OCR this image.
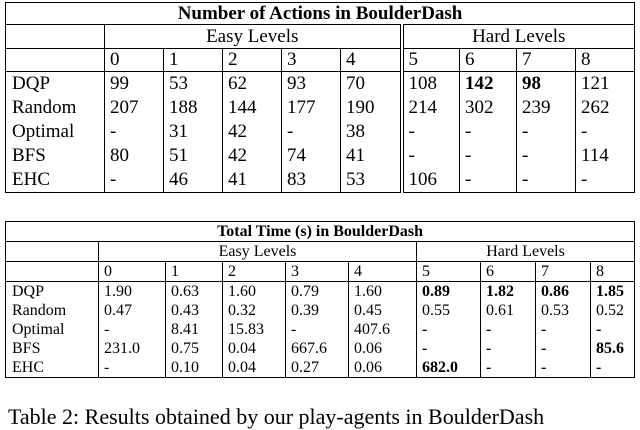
Number of Actions in BoulderDash									
	Easy Levels					Hard Levels			
	0	1	2	3	4	5	6	7	8
DQP	99	53	62	93	70	108	142	98	121
Random	207	188	144	177	190	214	302	239	262
Optimal	-	31	42	-	38	-	-	-	-
BFS	80	51	42	74	41	-	-	-	114
EHC	-	46	41	83	53	106	-	-	-
Total Time (s) in BoulderDash									
	Easy Levels					Hard Levels			
	0	1	2	3	4	5	6	7	8
DQP	1.90	0.63	1.60	0.79	1.60	0.89	1.82	0.86	1.85
Random	0.47	0.43	0.32	0.39	0.45	0.55	0.61	0.53	0.52
Optimal	-	8.41	15.83	-	407.6	-	-	-	-
BFS	231.0	0.75	0.04	667.6	0.06	-	-	-	85.6
EHC	-	0.10	0.04	0.27	0.06	682.0	-	-	-
Table 2: Results obtained by our play-agents in BoulderDash
